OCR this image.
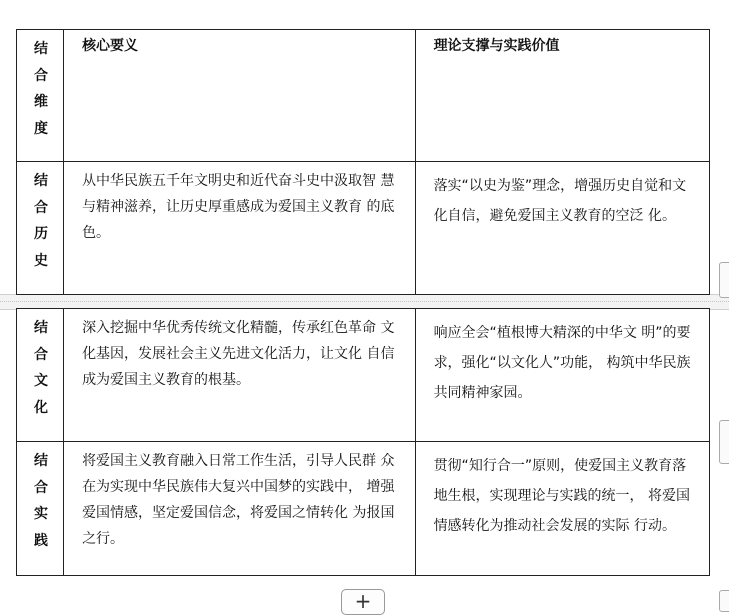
结合维度	核心要义	理论支撑与实践价值

结合历史	从中华民族五千年文明史和近代奋斗史中汲取智 慧与精神滋养，让历史厚重感成为爱国主义教育 的底色。	落实“以史为鉴”理念，增强历史自觉和文化自信，避免爱国主义教育的空泛 化。
结合文化	深入挖掘中华优秀传统文化精髓，传承红色革命 文化基因，发展社会主义先进文化活力，让文化 自信成为爱国主义教育的根基。	响应全会“植根博大精深的中华文 明”的要求，强化“以文化人”功能， 构筑中华民族共同精神家园。

结合实践	将爱国主义教育融入日常工作生活，引导人民群 众在为实现中华民族伟大复兴中国梦的实践中， 增强爱国情感，坚定爱国信念，将爱国之情转化 为报国之行。	贯彻“知行合一”原则，使爱国主义教育落地生根，实现理论与实践的统一， 将爱国情感转化为推动社会发展的实际 行动。
+
